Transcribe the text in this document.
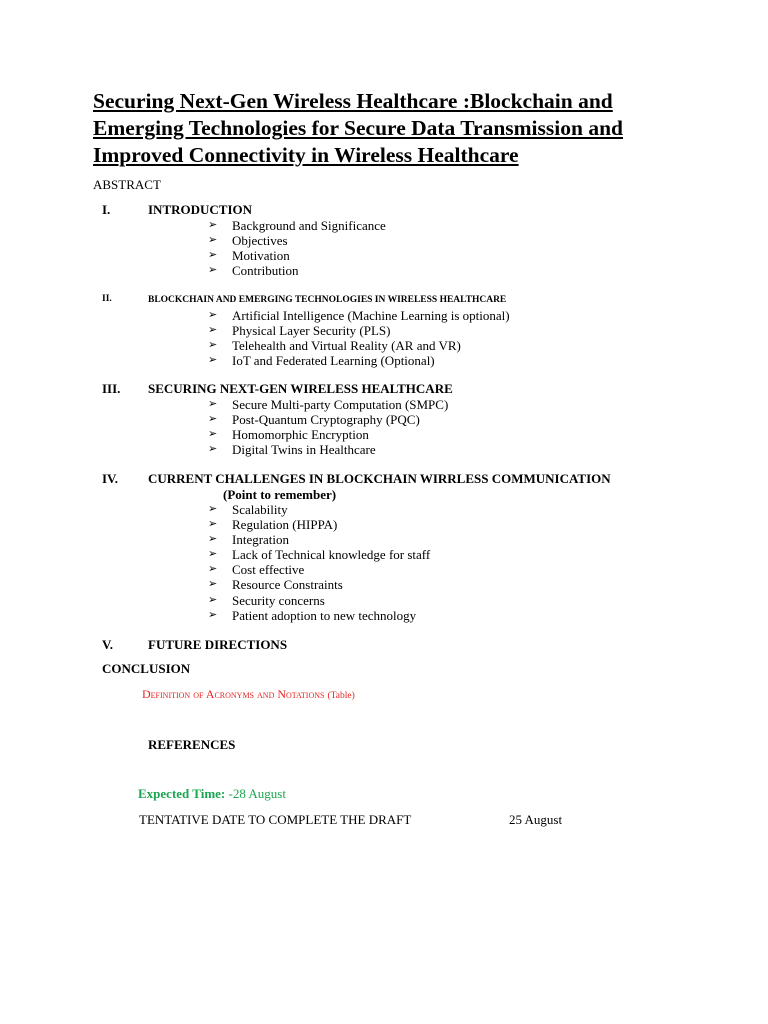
Securing Next-Gen Wireless Healthcare :Blockchain and
Emerging Technologies for Secure Data Transmission and
Improved Connectivity in Wireless Healthcare
ABSTRACT
I.	INTRODUCTION
➢ Background and Significance
➢ Objectives
➢ Motivation
➢ Contribution
II.	BLOCKCHAIN AND EMERGING TECHNOLOGIES IN WIRELESS HEALTHCARE
➢ Artificial Intelligence (Machine Learning is optional)
➢ Physical Layer Security (PLS)
➢ Telehealth and Virtual Reality (AR and VR)
➢ IoT and Federated Learning (Optional)
III. SECURING NEXT-GEN WIRELESS HEALTHCARE
➢ Secure Multi-party Computation (SMPC)
➢ Post-Quantum Cryptography (PQC)
➢ Homomorphic Encryption
➢ Digital Twins in Healthcare
IV. CURRENT CHALLENGES IN BLOCKCHAIN WIRRLESS COMMUNICATION
(Point to remember)
➢ Scalability
➢ Regulation (HIPPA)
➢ Integration
➢ Lack of Technical knowledge for staff
➢ Cost effective
➢ Resource Constraints
➢ Security concerns
➢ Patient adoption to new technology
V.	FUTURE DIRECTIONS
CONCLUSION
Definition of Acronyms and Notations (Table)
REFERENCES
Expected Time: -28 August
TENTATIVE DATE TO COMPLETE THE DRAFT	25 August
